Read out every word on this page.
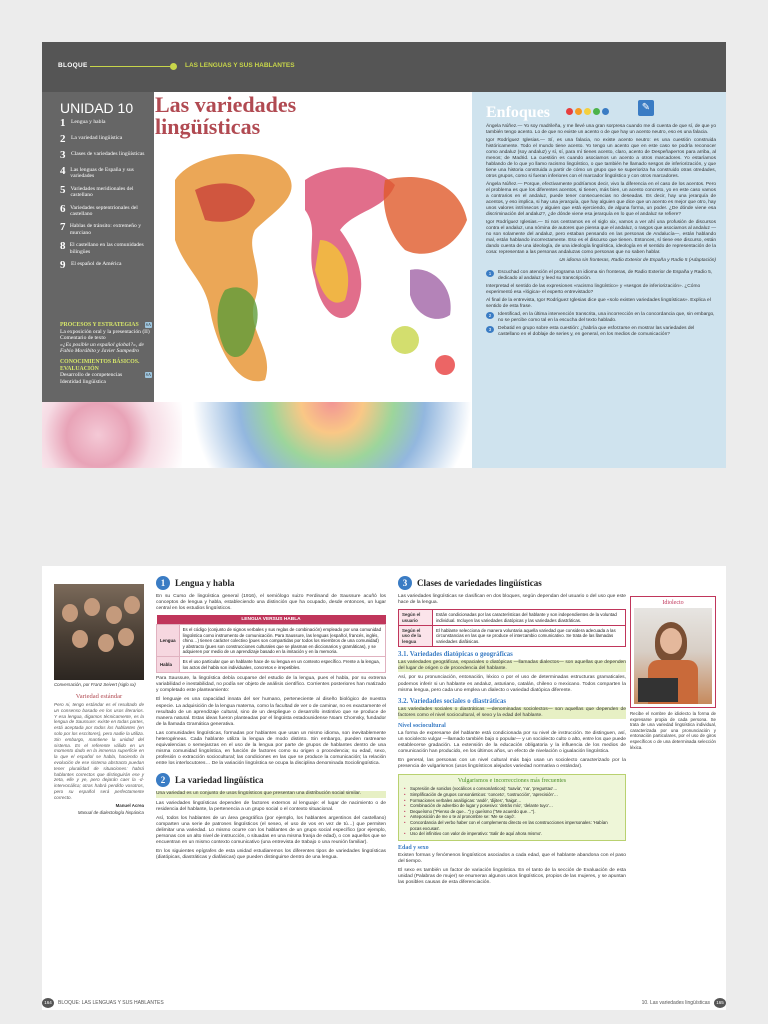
BLOQUE	LAS LENGUAS Y SUS HABLANTES
UNIDAD 10
1 Lengua y habla
2 La variedad lingüística
3 Clases de variedades lingüísticas
4 Las lenguas de España y sus variedades
5 Variedades meridionales del castellano
6 Variedades septentrionales del castellano
7 Hablas de tránsito: extremeño y murciano
8 El castellano en las comunidades bilingües
9 El español de América
PROCESOS Y ESTRATEGIAS SA
La exposición oral y la presentación (II)
Comentario de texto
«¿Es posible un español global?», de Fabio Morábito y Javier Sampedro
CONOCIMIENTOS BÁSICOS. EVALUACIÓN
Desarrollo de competencias	SA
Identidad lingüística
Las variedades lingüísticas
Enfoques	✎

Ángela Núñez.— Yo soy madrileña, y me llevé una gran sorpresa cuando me di cuenta de que sí, de que yo también tengo acento. Lo de que no existe un acento o de que hay un acento neutro, eso es una falacia.

Igor Rodríguez Iglesias.— Sí, es una falacia, no existe acento neutro: es una cuestión construida históricamente. Todo el mundo tiene acento. Yo tengo un acento que en este caso se podría reconocer como andaluz (soy andaluz) y sí, sí, para mí tienes acento, claro, acento de Despeñaperros para arriba, al menos; de Madrid. La cuestión es cuando asociamos un acento a otros marcadores. Yo estaríamos hablando de lo que yo llamo racismo lingüístico, o que también he llamado sesgos de inferiorización, y que tiene una historia construida a partir de cómo un grupo que se superioriza ha construido otras otredades, otros grupos, como si fueran inferiores con el marcador lingüístico y con otros marcadores.

Ángela Núñez.— Porque, efectivamente podríamos decir, vivo la diferencia en el caso de los acentos. Pero el problema es que los diferentes acentos, si tienen, más bien, un acento concreto, yo en este caso vamos a contrarios en el andaluz, puede tener consecuencias no deseadas. Es decir, hay una jerarquía de acentos, y eso implica, si hay una jerarquía, que hay alguien que dice que un acento es mejor que otro, hay unos valores intrínsecos y alguien que está ejerciendo, de alguna forma, un poder. ¿De dónde viene esa discriminación del andaluz?, ¿de dónde viene esa jerarquía en lo que el andaluz se refiere?

Igor Rodríguez Iglesias.— Si nos centramos en el siglo xix, vamos a ver ahí una profusión de discursos contra el andaluz, una nómina de autores que piensa que el andaluz, o rasgos que asociamos al andaluz —no son solamente del andaluz, pero estaban pensando en las personas de Andalucía—, están hablando mal, están hablando incorrectamente. Eso es el discurso que tienen. Entonces, sí tiene ese discurso, están dando cuenta de una ideología, de una ideología lingüística, ideología en el sentido de representación de la cosa: representan a las personas andaluzas como personas que no saben hablar.

Un idioma sin fronteras, Radio Exterior de España y Radio 5 (Adaptación)

1	Escuchad con atención el programa Un idioma sin fronteras, de Radio Exterior de España y Radio 5, dedicado al andaluz y leed su transcripción.
Interpretad el sentido de las expresiones «racismo lingüístico» y «sesgos de inferiorización». ¿Cómo experimentó esa «lógica» el experto entrevistado?
Al final de la entrevista, Igor Rodríguez Iglesias dice que «solo existen variedades lingüísticas». Explica el sentido de esta frase.
2	Identificad, en la última intervención transcrita, una incorrección en la concordancia que, sin embargo, no se percibe como tal en la escucha del texto hablado.
3	Debatid en grupo sobre esta cuestión: ¿habría que esforzarse en mostrar las variedades del castellano en el doblaje de series y, en general, en los medios de comunicación?
Conversación, por Franz Seivert (siglo xx)
Variedad estándar
Pero ni, tengo estándar es el resultado de un consenso basado en los usos literarios. Y esa lengua, digamos técnicamente, es la lengua de Saussure: existe en todas partes, está aceptada por todos los hablantes (en solo por los escritores), pero nadie la utiliza. Sin embargo, mantiene la unidad del sistema. Es el referente válido en un momento dado en la inmensa superficie en la que el español se habla, haciendo la evolución de ese sistema abstracto puedan tener pluralidad de situaciones: habrá hablantes correctos que distinguirán ese y zeta, elle y ye, pero dejarán caer la -d- intervocálica; otras habrá perdido vosotros, pero su español será perfectamente correcto.
Manuel Acrea
Manual de dialectología hispánica
1	Lengua y habla

En su Curso de lingüística general (1916), el semiólogo suizo Ferdinand de Saussure acuñó los conceptos de lengua y habla, estableciendo una distinción que ha ocupado, desde entonces, un lugar central en los estudios lingüísticos.

LENGUA VERSUS HABLA	
Lengua	Es el código (conjunto de signos verbales y sus reglas de combinación) empleado por una comunidad lingüística como instrumento de comunicación. Para Saussure, las lenguas (español, francés, inglés, chino…) tienen carácter colectivo (pues son compartidas por todos los miembros de una comunidad) y abstracto (pues son construcciones culturales que se plasman en diccionarios y gramáticas), y se adquieren por medio de un aprendizaje basado en la imitación y en la memoria.
Habla	Es el uso particular que un hablante hace de su lengua en un contexto específico. Frente a la lengua, los actos del habla son individuales, concretos e irrepetibles.

Para Saussure, la lingüística debía ocuparse del estudio de la lengua, pues el habla, por su extrema variabilidad e inestabilidad, no podía ser objeto de análisis científico. Corrientes posteriores han matizado y completado este planteamiento:

El lenguaje es una capacidad innata del ser humano, perteneciente al diseño biológico de nuestra especie. La adquisición de la lengua materna, como la facultad de ver o de caminar, no es exactamente el resultado de un aprendizaje cultural, sino de un despliegue o desarrollo instintivo que se produce de manera natural. Estas ideas fueron planteadas por el lingüista estadounidense Noam Chomsky, fundador de la llamada Gramática generativa.

Las comunidades lingüísticas, formadas por hablantes que usan un mismo idioma, son inevitablemente heterogéneas. Cada hablante utiliza la lengua de modo distinto. Sin embargo, pueden rastrearse equivalencias o semejanzas en el uso de la lengua por parte de grupos de hablantes dentro de una misma comunidad lingüística, en función de factores como su origen o procedencia; su edad, sexo, profesión o extracción sociocultural; las condiciones en las que se produce la comunicación; la relación entre los interlocutores… De la variación lingüística se ocupa la disciplina denominada Sociolingüística.

2	La variedad lingüística

Una variedad es un conjunto de usos lingüísticos que presentan una distribución social similar.

Las variedades lingüísticas dependen de factores externos al lenguaje: el lugar de nacimiento o de residencia del hablante, la pertenencia a un grupo social o el contexto situacional.

Así, todos los hablantes de un área geográfica (por ejemplo, los hablantes argentinos del castellano) comparten una serie de patrones lingüísticos (el seseo, el uso de vos en vez de tú…) que permiten delimitar una variedad. Lo mismo ocurre con los hablantes de un grupo social específico (por ejemplo, personas con un alto nivel de instrucción, o situadas en una misma franja de edad), o con aquellos que se encuentran en un mismo contexto comunicativo (una entrevista de trabajo o una reunión familiar).

En los siguientes epígrafes de esta unidad estudiaremos los diferentes tipos de variedades lingüísticas (diatópicas, diastráticas y diafásicas) que pueden distinguirse dentro de una lengua.

3	Clases de variedades lingüísticas

Las variedades lingüísticas se clasifican en dos bloques, según dependan del usuario o del uso que este hace de la lengua.

Según el usuario	Están condicionadas por las características del hablante y son independientes de la voluntad individual. Incluyen las variedades diatópicas y las variedades diastráticas.
Según el uso de la lengua	El hablante selecciona de manera voluntaria aquella variedad que considera adecuada a las circunstancias en las que se produce el intercambio comunicativo. Se trata de las llamadas variedades diafásicas.
3.1. Variedades diatópicas o geográficas

Las variedades geográficas, espaciales o diatópicas —llamadas dialectos— son aquellas que dependen del lugar de origen o de procedencia del hablante.

Así, por su pronunciación, entonación, léxico o por el uso de determinadas estructuras gramaticales, podemos inferir si un hablante es andaluz, asturiano, catalán, chileno o mexicano. Todos comparten la misma lengua, pero cada uno emplea un dialecto o variedad diatópica diferente.

3.2. Variedades sociales o diastráticas

Las variedades sociales o diastráticas —denominadas sociolectos— son aquellas que dependen de factores como el nivel sociocultural, el sexo y la edad del hablante.

Nivel sociocultural

La forma de expresarse del hablante está condicionada por su nivel de instrucción. Se distinguen, así, un sociolecto vulgar —llamado también bajo o popular— y un sociolecto culto o alto, entre los que puede establecerse gradación. La extensión de la educación obligatoria y la influencia de los medios de comunicación han producido, en los últimos años, un efecto de nivelación o igualación lingüística.

En general, las personas con un nivel cultural más bajo usan un sociolecto caracterizado por la presencia de vulgarismos (usos lingüísticos alejados variedad normativa o estándar).

Vulgarismos e incorrecciones más frecuentes
• Supresión de sonidos (vocálicos o consonánticos): 'toavía', 'na', 'preguntao'…
• Simplificación de grupos consonánticos: 'conceto', 'costrucción', 'aprecisión'…
• Formaciones verbales analógicas: 'andé', 'dijites', 'haiga'…
• Combinación de adverbio de lugar y posesivo: 'detrás mío', 'delante tuyo'…
• Dequeísmo ("Pienso de que…") y queísmo ("Me acuerdo que…").
• Anteposición de me o te al pronombre se: 'Me se cayó'.
• Concordancia del verbo haber con el complemento directo en las construcciones impersonales: 'Habían pocas excusas'.
• Uso del infinitivo con valor de imperativo: 'Salir de aquí ahora mismo'.
Edad y sexo

Existen formas y fenómenos lingüísticos asociados a cada edad, que el hablante abandona con el paso del tiempo.

El sexo es también un factor de variación lingüística. En el tanto de la sección de Evaluación de esta unidad (Palabras de mujer) se enumeran algunos usos lingüísticos, propios de las mujeres, y se apuntan las posibles causas de esta diferenciación.

Idiolecto
Recibe el nombre de idiolecto la forma de expresarse propia de cada persona. Se trata de una variedad lingüística individual, caracterizada por una pronunciación y entonación particulares, por el uso de giros específicos o de una determinada selección léxica.
164	BLOQUE: LAS LENGUAS Y SUS HABLANTES	10. Las variedades lingüísticas	165
